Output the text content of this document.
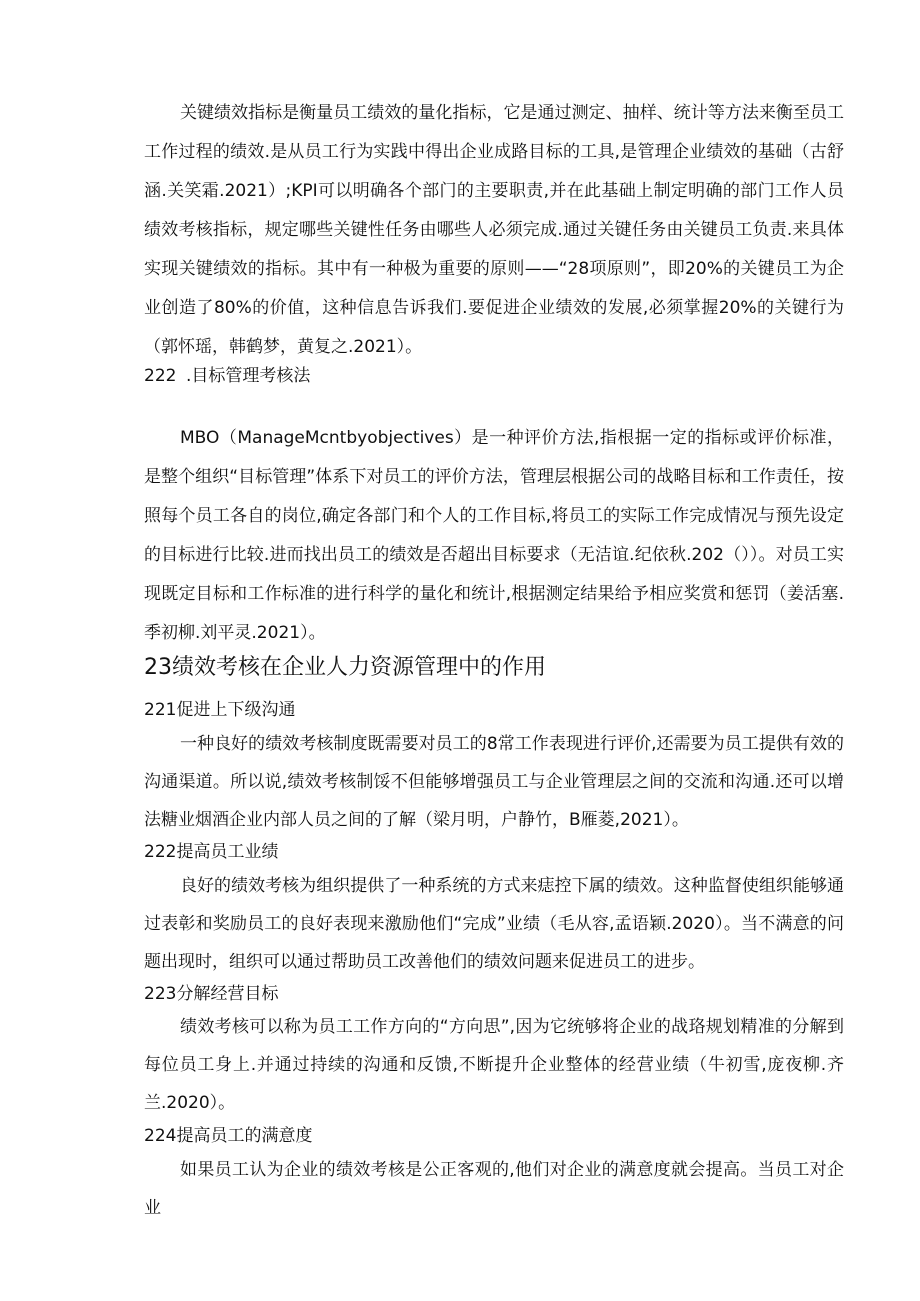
关键绩效指标是衡量员工绩效的量化指标，它是通过测定、抽样、统计等方法来衡至员工工作过程的绩效.是从员工行为实践中得出企业成路目标的工具,是管理企业绩效的基础（古舒涵.关笑霜.2021）;KPI可以明确各个部门的主要职责,并在此基础上制定明确的部门工作人员绩效考核指标，规定哪些关键性任务由哪些人必须完成.通过关键任务由关键员工负责.来具体实现关键绩效的指标。其中有一种极为重要的原则——“28项原则”，即20%的关键员工为企业创造了80%的价值，这种信息告诉我们.要促进企业绩效的发展,必须掌握20%的关键行为（郭怀瑶，韩鹤梦，黄复之.2021）。

222 .目标管理考核法

MBO（ManageMcntbyobjectives）是一种评价方法,指根据一定的指标或评价标准，是整个组织“目标管理”体系下对员工的评价方法，管理层根据公司的战略目标和工作责任，按照每个员工各自的岗位,确定各部门和个人的工作目标,将员工的实际工作完成情况与预先设定的目标进行比较.进而找出员工的绩效是否超出目标要求（无洁谊.纪依秋.202（））。对员工实现既定目标和工作标准的进行科学的量化和统计,根据测定结果给予相应奖赏和惩罚（姜活塞.季初柳.刘平灵.2021）。

23绩效考核在企业人力资源管理中的作用

221促进上下级沟通

一种良好的绩效考核制度既需要对员工的8常工作表现进行评价,还需要为员工提供有效的沟通渠道。所以说,绩效考核制馁不但能够增强员工与企业管理层之间的交流和沟通.还可以增法糖业烟酒企业内部人员之间的了解（梁月明，户静竹，B雁菱,2021）。

222提高员工业绩

良好的绩效考核为组织提供了一种系统的方式来痣控下属的绩效。这种监督使组织能够通过表彰和奖励员工的良好表现来激励他们“完成”业绩（毛从容,孟语颖.2020）。当不满意的问题出现时，组织可以通过帮助员工改善他们的绩效问题来促进员工的进步。

223分解经营目标

绩效考核可以称为员工工作方向的“方向思”,因为它统够将企业的战珞规划精准的分解到每位员工身上.并通过持续的沟通和反馈,不断提升企业整体的经营业绩（牛初雪,庞夜柳.齐兰.2020）。

224提高员工的满意度

如果员工认为企业的绩效考核是公正客观的,他们对企业的满意度就会提高。当员工对企业
